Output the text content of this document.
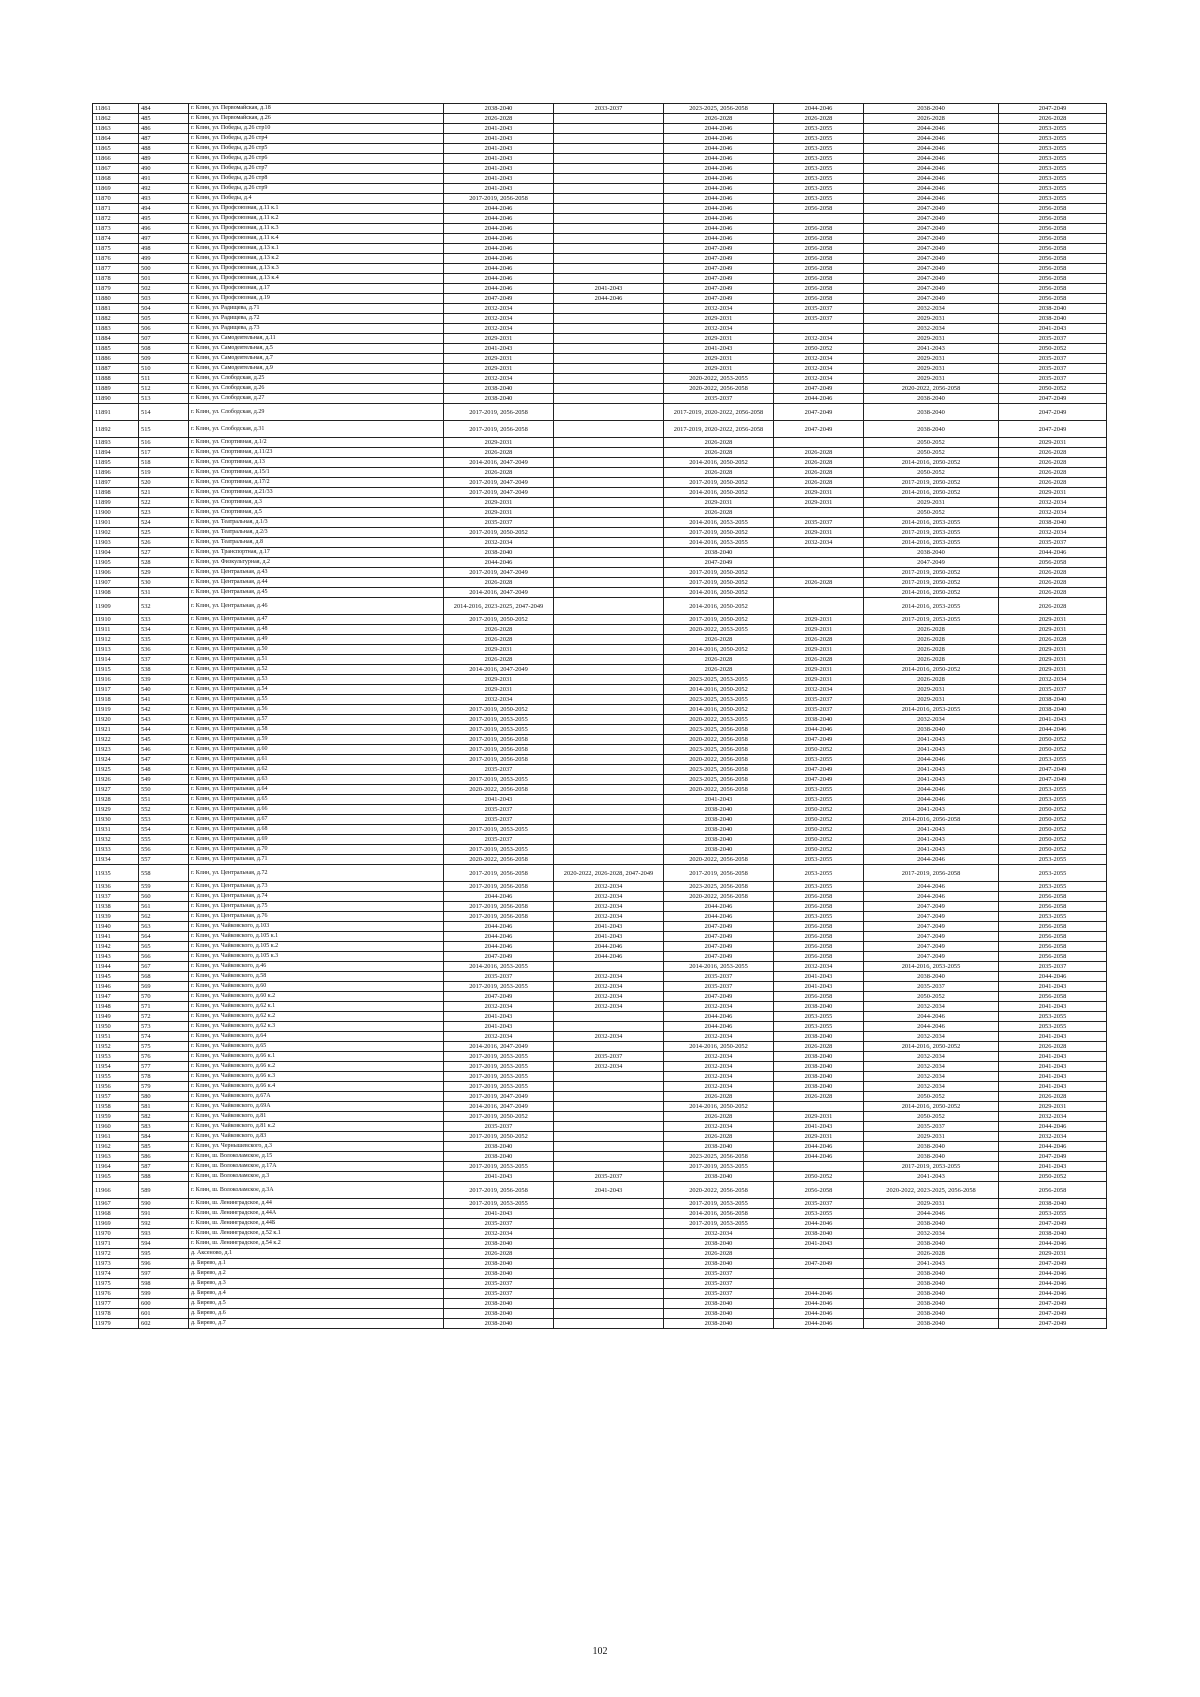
11861	484	г. Клин, ул. Первомайская, д.18	2038-2040	2033-2037	2023-2025, 2056-2058	2044-2046	2038-2040	2047-2049
11862	485	г. Клин, ул. Первомайская, д.26	2026-2028		2026-2028	2026-2028	2026-2028	2026-2028
11863	486	г. Клин, ул. Победы, д.26 стр10	2041-2043		2044-2046	2053-2055	2044-2046	2053-2055
11864	487	г. Клин, ул. Победы, д.26 стр4	2041-2043		2044-2046	2053-2055	2044-2046	2053-2055
11865	488	г. Клин, ул. Победы, д.26 стр5	2041-2043		2044-2046	2053-2055	2044-2046	2053-2055
11866	489	г. Клин, ул. Победы, д.26 стр6	2041-2043		2044-2046	2053-2055	2044-2046	2053-2055
11867	490	г. Клин, ул. Победы, д.26 стр7	2041-2043		2044-2046	2053-2055	2044-2046	2053-2055
11868	491	г. Клин, ул. Победы, д.26 стр8	2041-2043		2044-2046	2053-2055	2044-2046	2053-2055
11869	492	г. Клин, ул. Победы, д.26 стр9	2041-2043		2044-2046	2053-2055	2044-2046	2053-2055
11870	493	г. Клин, ул. Победы, д.4	2017-2019, 2056-2058		2044-2046	2053-2055	2044-2046	2053-2055
11871	494	г. Клин, ул. Профсоюзная, д.11 к.1	2044-2046		2044-2046	2056-2058	2047-2049	2056-2058
11872	495	г. Клин, ул. Профсоюзная, д.11 к.2	2044-2046		2044-2046		2047-2049	2056-2058
11873	496	г. Клин, ул. Профсоюзная, д.11 к.3	2044-2046		2044-2046	2056-2058	2047-2049	2056-2058
11874	497	г. Клин, ул. Профсоюзная, д.11 к.4	2044-2046		2044-2046	2056-2058	2047-2049	2056-2058
11875	498	г. Клин, ул. Профсоюзная, д.13 к.1	2044-2046		2047-2049	2056-2058	2047-2049	2056-2058
11876	499	г. Клин, ул. Профсоюзная, д.13 к.2	2044-2046		2047-2049	2056-2058	2047-2049	2056-2058
11877	500	г. Клин, ул. Профсоюзная, д.13 к.3	2044-2046		2047-2049	2056-2058	2047-2049	2056-2058
11878	501	г. Клин, ул. Профсоюзная, д.13 к.4	2044-2046		2047-2049	2056-2058	2047-2049	2056-2058
11879	502	г. Клин, ул. Профсоюзная, д.17	2044-2046	2041-2043	2047-2049	2056-2058	2047-2049	2056-2058
11880	503	г. Клин, ул. Профсоюзная, д.19	2047-2049	2044-2046	2047-2049	2056-2058	2047-2049	2056-2058
11881	504	г. Клин, ул. Радищева, д.71	2032-2034		2032-2034	2035-2037	2032-2034	2038-2040
11882	505	г. Клин, ул. Радищева, д.72	2032-2034		2029-2031	2035-2037	2029-2031	2038-2040
11883	506	г. Клин, ул. Радищева, д.73	2032-2034		2032-2034		2032-2034	2041-2043
11884	507	г. Клин, ул. Самодеятельная, д.11	2029-2031		2029-2031	2032-2034	2029-2031	2035-2037
11885	508	г. Клин, ул. Самодеятельная, д.5	2041-2043		2041-2043	2050-2052	2041-2043	2050-2052
11886	509	г. Клин, ул. Самодеятельная, д.7	2029-2031		2029-2031	2032-2034	2029-2031	2035-2037
11887	510	г. Клин, ул. Самодеятельная, д.9	2029-2031		2029-2031	2032-2034	2029-2031	2035-2037
11888	511	г. Клин, ул. Слободская, д.25	2032-2034		2020-2022, 2053-2055	2032-2034	2029-2031	2035-2037
11889	512	г. Клин, ул. Слободская, д.26	2038-2040		2020-2022, 2056-2058	2047-2049	2020-2022, 2056-2058	2050-2052
11890	513	г. Клин, ул. Слободская, д.27	2038-2040		2035-2037	2044-2046	2038-2040	2047-2049
11891	514	г. Клин, ул. Слободская, д.29	2017-2019, 2056-2058		2017-2019, 2020-2022, 2056-2058	2047-2049	2038-2040	2047-2049
11892	515	г. Клин, ул. Слободская, д.31	2017-2019, 2056-2058		2017-2019, 2020-2022, 2056-2058	2047-2049	2038-2040	2047-2049
11893	516	г. Клин, ул. Спортивная, д.1/2	2029-2031		2026-2028		2050-2052	2029-2031
11894	517	г. Клин, ул. Спортивная, д.11/23	2026-2028		2026-2028	2026-2028	2050-2052	2026-2028
11895	518	г. Клин, ул. Спортивная, д.13	2014-2016, 2047-2049		2014-2016, 2050-2052	2026-2028	2014-2016, 2050-2052	2026-2028
11896	519	г. Клин, ул. Спортивная, д.15/1	2026-2028		2026-2028	2026-2028	2050-2052	2026-2028
11897	520	г. Клин, ул. Спортивная, д.17/2	2017-2019, 2047-2049		2017-2019, 2050-2052	2026-2028	2017-2019, 2050-2052	2026-2028
11898	521	г. Клин, ул. Спортивная, д.21/33	2017-2019, 2047-2049		2014-2016, 2050-2052	2029-2031	2014-2016, 2050-2052	2029-2031
11899	522	г. Клин, ул. Спортивная, д.3	2029-2031		2029-2031	2029-2031	2029-2031	2032-2034
11900	523	г. Клин, ул. Спортивная, д.5	2029-2031		2026-2028		2050-2052	2032-2034
11901	524	г. Клин, ул. Театральная, д.1/3	2035-2037		2014-2016, 2053-2055	2035-2037	2014-2016, 2053-2055	2038-2040
11902	525	г. Клин, ул. Театральная, д.2/3	2017-2019, 2050-2052		2017-2019, 2050-2052	2029-2031	2017-2019, 2053-2055	2032-2034
11903	526	г. Клин, ул. Театральная, д.8	2032-2034		2014-2016, 2053-2055	2032-2034	2014-2016, 2053-2055	2035-2037
11904	527	г. Клин, ул. Транспортная, д.17	2038-2040		2038-2040		2038-2040	2044-2046
11905	528	г. Клин, ул. Физкультурная, д.2	2044-2046		2047-2049		2047-2049	2056-2058
11906	529	г. Клин, ул. Центральная, д.43	2017-2019, 2047-2049		2017-2019, 2050-2052		2017-2019, 2050-2052	2026-2028
11907	530	г. Клин, ул. Центральная, д.44	2026-2028		2017-2019, 2050-2052	2026-2028	2017-2019, 2050-2052	2026-2028
11908	531	г. Клин, ул. Центральная, д.45	2014-2016, 2047-2049		2014-2016, 2050-2052		2014-2016, 2050-2052	2026-2028
11909	532	г. Клин, ул. Центральная, д.46	2014-2016, 2023-2025, 2047-2049		2014-2016, 2050-2052		2014-2016, 2053-2055	2026-2028
11910	533	г. Клин, ул. Центральная, д.47	2017-2019, 2050-2052		2017-2019, 2050-2052	2029-2031	2017-2019, 2053-2055	2029-2031
11911	534	г. Клин, ул. Центральная, д.48	2026-2028		2020-2022, 2053-2055	2029-2031	2026-2028	2029-2031
11912	535	г. Клин, ул. Центральная, д.49	2026-2028		2026-2028	2026-2028	2026-2028	2026-2028
11913	536	г. Клин, ул. Центральная, д.50	2029-2031		2014-2016, 2050-2052	2029-2031	2026-2028	2029-2031
11914	537	г. Клин, ул. Центральная, д.51	2026-2028		2026-2028	2026-2028	2026-2028	2029-2031
11915	538	г. Клин, ул. Центральная, д.52	2014-2016, 2047-2049		2026-2028	2029-2031	2014-2016, 2050-2052	2029-2031
11916	539	г. Клин, ул. Центральная, д.53	2029-2031		2023-2025, 2053-2055	2029-2031	2026-2028	2032-2034
11917	540	г. Клин, ул. Центральная, д.54	2029-2031		2014-2016, 2050-2052	2032-2034	2029-2031	2035-2037
11918	541	г. Клин, ул. Центральная, д.55	2032-2034		2023-2025, 2053-2055	2035-2037	2029-2031	2038-2040
11919	542	г. Клин, ул. Центральная, д.56	2017-2019, 2050-2052		2014-2016, 2050-2052	2035-2037	2014-2016, 2053-2055	2038-2040
11920	543	г. Клин, ул. Центральная, д.57	2017-2019, 2053-2055		2020-2022, 2053-2055	2038-2040	2032-2034	2041-2043
11921	544	г. Клин, ул. Центральная, д.58	2017-2019, 2053-2055		2023-2025, 2056-2058	2044-2046	2038-2040	2044-2046
11922	545	г. Клин, ул. Центральная, д.59	2017-2019, 2056-2058		2020-2022, 2056-2058	2047-2049	2041-2043	2050-2052
11923	546	г. Клин, ул. Центральная, д.60	2017-2019, 2056-2058		2023-2025, 2056-2058	2050-2052	2041-2043	2050-2052
11924	547	г. Клин, ул. Центральная, д.61	2017-2019, 2056-2058		2020-2022, 2056-2058	2053-2055	2044-2046	2053-2055
11925	548	г. Клин, ул. Центральная, д.62	2035-2037		2023-2025, 2056-2058	2047-2049	2041-2043	2047-2049
11926	549	г. Клин, ул. Центральная, д.63	2017-2019, 2053-2055		2023-2025, 2056-2058	2047-2049	2041-2043	2047-2049
11927	550	г. Клин, ул. Центральная, д.64	2020-2022, 2056-2058		2020-2022, 2056-2058	2053-2055	2044-2046	2053-2055
11928	551	г. Клин, ул. Центральная, д.65	2041-2043		2041-2043	2053-2055	2044-2046	2053-2055
11929	552	г. Клин, ул. Центральная, д.66	2035-2037		2038-2040	2050-2052	2041-2043	2050-2052
11930	553	г. Клин, ул. Центральная, д.67	2035-2037		2038-2040	2050-2052	2014-2016, 2056-2058	2050-2052
11931	554	г. Клин, ул. Центральная, д.68	2017-2019, 2053-2055		2038-2040	2050-2052	2041-2043	2050-2052
11932	555	г. Клин, ул. Центральная, д.69	2035-2037		2038-2040	2050-2052	2041-2043	2050-2052
11933	556	г. Клин, ул. Центральная, д.70	2017-2019, 2053-2055		2038-2040	2050-2052	2041-2043	2050-2052
11934	557	г. Клин, ул. Центральная, д.71	2020-2022, 2056-2058		2020-2022, 2056-2058	2053-2055	2044-2046	2053-2055
11935	558	г. Клин, ул. Центральная, д.72	2017-2019, 2056-2058	2020-2022, 2026-2028, 2047-2049	2017-2019, 2056-2058	2053-2055	2017-2019, 2056-2058	2053-2055
11936	559	г. Клин, ул. Центральная, д.73	2017-2019, 2056-2058	2032-2034	2023-2025, 2056-2058	2053-2055	2044-2046	2053-2055
11937	560	г. Клин, ул. Центральная, д.74	2044-2046	2032-2034	2020-2022, 2056-2058	2056-2058	2044-2046	2056-2058
11938	561	г. Клин, ул. Центральная, д.75	2017-2019, 2056-2058	2032-2034	2044-2046	2056-2058	2047-2049	2056-2058
11939	562	г. Клин, ул. Центральная, д.76	2017-2019, 2056-2058	2032-2034	2044-2046	2053-2055	2047-2049	2053-2055
11940	563	г. Клин, ул. Чайковского, д.103	2044-2046	2041-2043	2047-2049	2056-2058	2047-2049	2056-2058
11941	564	г. Клин, ул. Чайковского, д.105 к.1	2044-2046	2041-2043	2047-2049	2056-2058	2047-2049	2056-2058
11942	565	г. Клин, ул. Чайковского, д.105 к.2	2044-2046	2044-2046	2047-2049	2056-2058	2047-2049	2056-2058
11943	566	г. Клин, ул. Чайковского, д.105 к.3	2047-2049	2044-2046	2047-2049	2056-2058	2047-2049	2056-2058
11944	567	г. Клин, ул. Чайковского, д.46	2014-2016, 2053-2055		2014-2016, 2053-2055	2032-2034	2014-2016, 2053-2055	2035-2037
11945	568	г. Клин, ул. Чайковского, д.58	2035-2037	2032-2034	2035-2037	2041-2043	2038-2040	2044-2046
11946	569	г. Клин, ул. Чайковского, д.60	2017-2019, 2053-2055	2032-2034	2035-2037	2041-2043	2035-2037	2041-2043
11947	570	г. Клин, ул. Чайковского, д.60 к.2	2047-2049	2032-2034	2047-2049	2056-2058	2050-2052	2056-2058
11948	571	г. Клин, ул. Чайковского, д.62 к.1	2032-2034	2032-2034	2032-2034	2038-2040	2032-2034	2041-2043
11949	572	г. Клин, ул. Чайковского, д.62 к.2	2041-2043		2044-2046	2053-2055	2044-2046	2053-2055
11950	573	г. Клин, ул. Чайковского, д.62 к.3	2041-2043		2044-2046	2053-2055	2044-2046	2053-2055
11951	574	г. Клин, ул. Чайковского, д.64	2032-2034	2032-2034	2032-2034	2038-2040	2032-2034	2041-2043
11952	575	г. Клин, ул. Чайковского, д.65	2014-2016, 2047-2049		2014-2016, 2050-2052	2026-2028	2014-2016, 2050-2052	2026-2028
11953	576	г. Клин, ул. Чайковского, д.66 к.1	2017-2019, 2053-2055	2035-2037	2032-2034	2038-2040	2032-2034	2041-2043
11954	577	г. Клин, ул. Чайковского, д.66 к.2	2017-2019, 2053-2055	2032-2034	2032-2034	2038-2040	2032-2034	2041-2043
11955	578	г. Клин, ул. Чайковского, д.66 к.3	2017-2019, 2053-2055		2032-2034	2038-2040	2032-2034	2041-2043
11956	579	г. Клин, ул. Чайковского, д.66 к.4	2017-2019, 2053-2055		2032-2034	2038-2040	2032-2034	2041-2043
11957	580	г. Клин, ул. Чайковского, д.67А	2017-2019, 2047-2049		2026-2028	2026-2028	2050-2052	2026-2028
11958	581	г. Клин, ул. Чайковского, д.69А	2014-2016, 2047-2049		2014-2016, 2050-2052		2014-2016, 2050-2052	2029-2031
11959	582	г. Клин, ул. Чайковского, д.81	2017-2019, 2050-2052		2026-2028	2029-2031	2050-2052	2032-2034
11960	583	г. Клин, ул. Чайковского, д.81 к.2	2035-2037		2032-2034	2041-2043	2035-2037	2044-2046
11961	584	г. Клин, ул. Чайковского, д.83	2017-2019, 2050-2052		2026-2028	2029-2031	2029-2031	2032-2034
11962	585	г. Клин, ул. Чернышевского, д.3	2038-2040		2038-2040	2044-2046	2038-2040	2044-2046
11963	586	г. Клин, ш. Волоколамское, д.15	2038-2040		2023-2025, 2056-2058	2044-2046	2038-2040	2047-2049
11964	587	г. Клин, ш. Волоколамское, д.17А	2017-2019, 2053-2055		2017-2019, 2053-2055		2017-2019, 2053-2055	2041-2043
11965	588	г. Клин, ш. Волоколамское, д.3	2041-2043	2035-2037	2038-2040	2050-2052	2041-2043	2050-2052
11966	589	г. Клин, ш. Волоколамское, д.3А	2017-2019, 2056-2058	2041-2043	2020-2022, 2056-2058	2056-2058	2020-2022, 2023-2025, 2056-2058	2056-2058
11967	590	г. Клин, ш. Ленинградское, д.44	2017-2019, 2053-2055		2017-2019, 2053-2055	2035-2037	2029-2031	2038-2040
11968	591	г. Клин, ш. Ленинградское, д.44А	2041-2043		2014-2016, 2056-2058	2053-2055	2044-2046	2053-2055
11969	592	г. Клин, ш. Ленинградское, д.44Б	2035-2037		2017-2019, 2053-2055	2044-2046	2038-2040	2047-2049
11970	593	г. Клин, ш. Ленинградское, д.52 к.1	2032-2034		2032-2034	2038-2040	2032-2034	2038-2040
11971	594	г. Клин, ш. Ленинградское, д.54 к.2	2038-2040		2038-2040	2041-2043	2038-2040	2044-2046
11972	595	д. Аксеново, д.1	2026-2028		2026-2028		2026-2028	2029-2031
11973	596	д. Бирево, д.1	2038-2040		2038-2040	2047-2049	2041-2043	2047-2049
11974	597	д. Бирево, д.2	2038-2040		2035-2037		2038-2040	2044-2046
11975	598	д. Бирево, д.3	2035-2037		2035-2037		2038-2040	2044-2046
11976	599	д. Бирево, д.4	2035-2037		2035-2037	2044-2046	2038-2040	2044-2046
11977	600	д. Бирево, д.5	2038-2040		2038-2040	2044-2046	2038-2040	2047-2049
11978	601	д. Бирево, д.6	2038-2040		2038-2040	2044-2046	2038-2040	2047-2049
11979	602	д. Бирево, д.7	2038-2040		2038-2040	2044-2046	2038-2040	2047-2049
102
